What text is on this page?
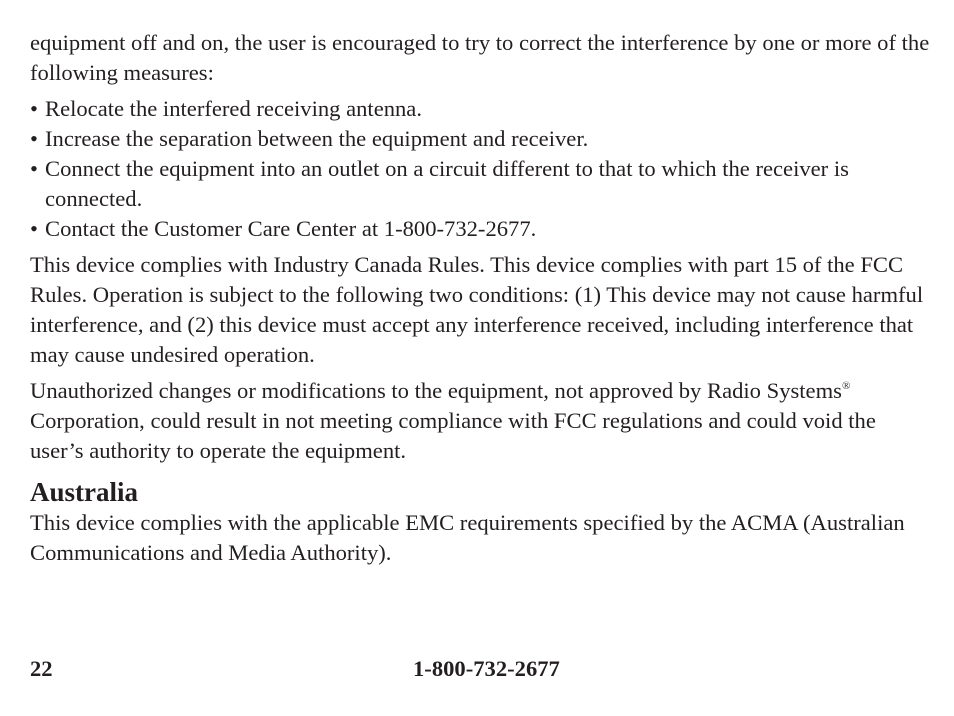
equipment off and on, the user is encouraged to try to correct the interference by one or more of the following measures:

• Relocate the interfered receiving antenna.
• Increase the separation between the equipment and receiver.
• Connect the equipment into an outlet on a circuit different to that to which the receiver is connected.
• Contact the Customer Care Center at 1-800-732-2677.

This device complies with Industry Canada Rules. This device complies with part 15 of the FCC Rules. Operation is subject to the following two conditions: (1) This device may not cause harmful interference, and (2) this device must accept any interference received, including interference that may cause undesired operation.

Unauthorized changes or modifications to the equipment, not approved by Radio Systems® Corporation, could result in not meeting compliance with FCC regulations and could void the user’s authority to operate the equipment.

Australia

This device complies with the applicable EMC requirements specified by the ACMA (Australian Communications and Media Authority).

22	1-800-732-2677
